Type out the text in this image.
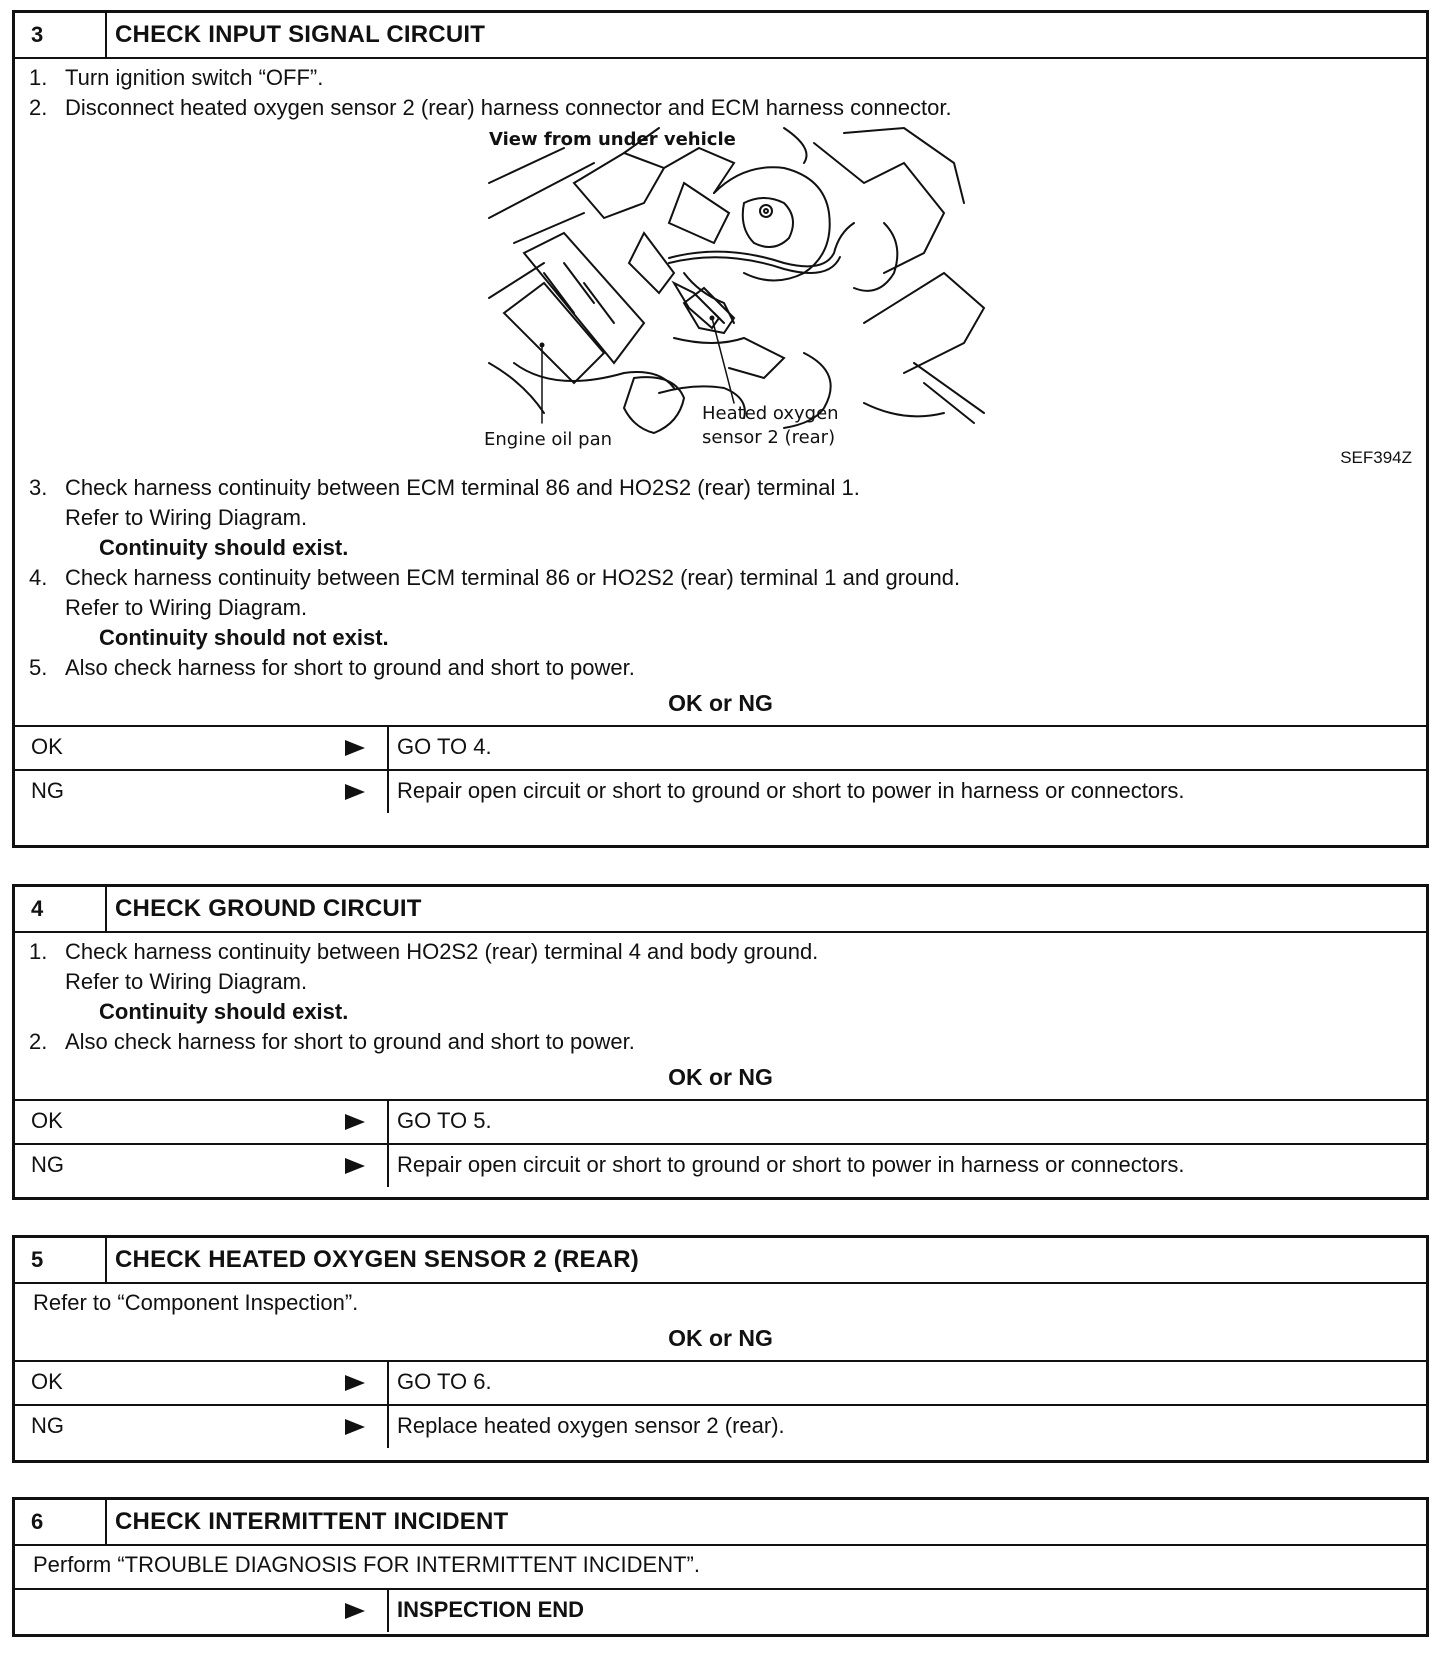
3	CHECK INPUT SIGNAL CIRCUIT
1. Turn ignition switch “OFF”.
2. Disconnect heated oxygen sensor 2 (rear) harness connector and ECM harness connector.
View from under vehicle
Engine oil pan
Heated oxygen
sensor 2 (rear)
SEF394Z
3. Check harness continuity between ECM terminal 86 and HO2S2 (rear) terminal 1.
Refer to Wiring Diagram.
Continuity should exist.
4. Check harness continuity between ECM terminal 86 or HO2S2 (rear) terminal 1 and ground.
Refer to Wiring Diagram.
Continuity should not exist.
5. Also check harness for short to ground and short to power.
OK or NG
OK	GO TO 4.
NG	Repair open circuit or short to ground or short to power in harness or connectors.
4	CHECK GROUND CIRCUIT
1. Check harness continuity between HO2S2 (rear) terminal 4 and body ground.
Refer to Wiring Diagram.
Continuity should exist.
2. Also check harness for short to ground and short to power.
OK or NG
OK	GO TO 5.
NG	Repair open circuit or short to ground or short to power in harness or connectors.
5	CHECK HEATED OXYGEN SENSOR 2 (REAR)
Refer to “Component Inspection”.
OK or NG
OK	GO TO 6.
NG	Replace heated oxygen sensor 2 (rear).
6	CHECK INTERMITTENT INCIDENT
Perform “TROUBLE DIAGNOSIS FOR INTERMITTENT INCIDENT”.
INSPECTION END
